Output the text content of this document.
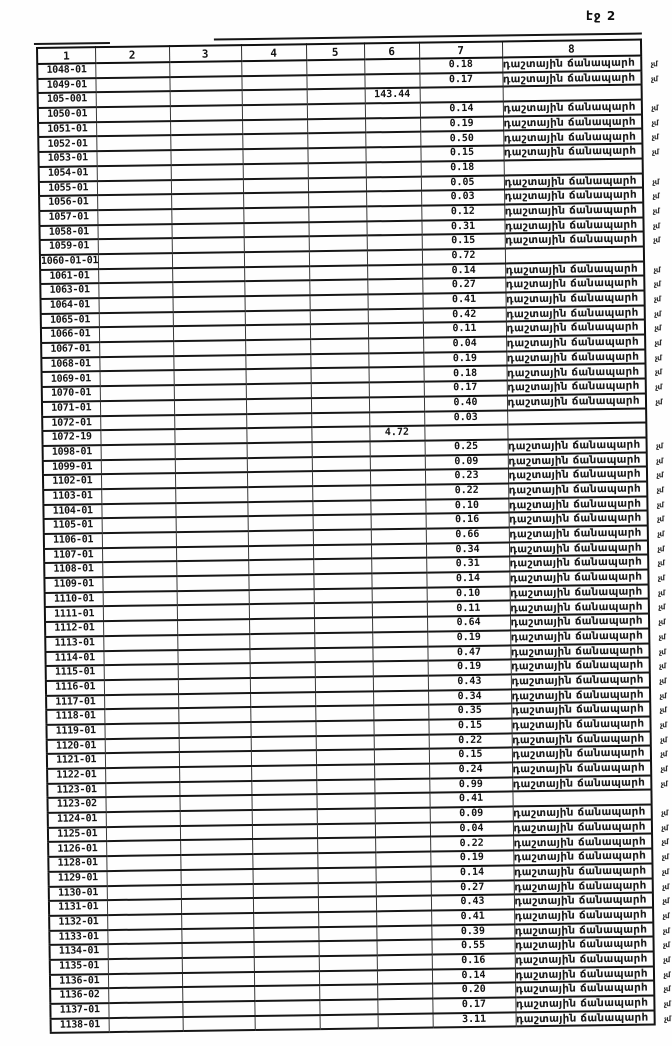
էջ 2
1	2	3	4	5	6	7	8
1048-01						0.18	դաշտային ճանապարհ չմ

1049-01						0.17	դաշտային ճանապարհ չմ

105-001					143.44		
1050-01						0.14	դաշտային ճանապարհ չմ

1051-01						0.19	դաշտային ճանապարհ չմ

1052-01						0.50	դաշտային ճանապարհ չմ

1053-01						0.15	դաշտային ճանապարհ չմ

1054-01						0.18	
1055-01						0.05	դաշտային ճանապարհ չմ

1056-01						0.03	դաշտային ճանապարհ չմ

1057-01						0.12	դաշտային ճանապարհ չմ

1058-01						0.31	դաշտային ճանապարհ չմ

1059-01						0.15	դաշտային ճանապարհ չմ

1060-01-01						0.72	
1061-01						0.14	դաշտային ճանապարհ չմ

1063-01						0.27	դաշտային ճանապարհ չմ

1064-01						0.41	դաշտային ճանապարհ չմ

1065-01						0.42	դաշտային ճանապարհ չմ

1066-01						0.11	դաշտային ճանապարհ չմ

1067-01						0.04	դաշտային ճանապարհ չմ

1068-01						0.19	դաշտային ճանապարհ չմ

1069-01						0.18	դաշտային ճանապարհ չմ

1070-01						0.17	դաշտային ճանապարհ չմ

1071-01						0.40	դաշտային ճանապարհ չմ

1072-01						0.03	
1072-19					4.72		
1098-01						0.25	դաշտային ճանապարհ չմ

1099-01						0.09	դաշտային ճանապարհ չմ

1102-01						0.23	դաշտային ճանապարհ չմ

1103-01						0.22	դաշտային ճանապարհ չմ

1104-01						0.10	դաշտային ճանապարհ չմ

1105-01						0.16	դաշտային ճանապարհ չմ

1106-01						0.66	դաշտային ճանապարհ չմ

1107-01						0.34	դաշտային ճանապարհ չմ

1108-01						0.31	դաշտային ճանապարհ չմ

1109-01						0.14	դաշտային ճանապարհ չմ

1110-01						0.10	դաշտային ճանապարհ չմ

1111-01						0.11	դաշտային ճանապարհ չմ

1112-01						0.64	դաշտային ճանապարհ չմ

1113-01						0.19	դաշտային ճանապարհ չմ

1114-01						0.47	դաշտային ճանապարհ չմ

1115-01						0.19	դաշտային ճանապարհ չմ

1116-01						0.43	դաշտային ճանապարհ չմ

1117-01						0.34	դաշտային ճանապարհ չմ

1118-01						0.35	դաշտային ճանապարհ չմ

1119-01						0.15	դաշտային ճանապարհ չմ

1120-01						0.22	դաշտային ճանապարհ չմ

1121-01						0.15	դաշտային ճանապարհ չմ

1122-01						0.24	դաշտային ճանապարհ չմ

1123-01						0.99	դաշտային ճանապարհ չմ

1123-02						0.41	
1124-01						0.09	դաշտային ճանապարհ չմ

1125-01						0.04	դաշտային ճանապարհ չմ

1126-01						0.22	դաշտային ճանապարհ չմ

1128-01						0.19	դաշտային ճանապարհ չմ

1129-01						0.14	դաշտային ճանապարհ չմ

1130-01						0.27	դաշտային ճանապարհ չմ

1131-01						0.43	դաշտային ճանապարհ չմ

1132-01						0.41	դաշտային ճանապարհ չմ

1133-01						0.39	դաշտային ճանապարհ չմ

1134-01						0.55	դաշտային ճանապարհ չմ

1135-01						0.16	դաշտային ճանապարհ չմ

1136-01						0.14	դաշտային ճանապարհ չմ

1136-02						0.20	դաշտային ճանապարհ չմ

1137-01						0.17	դաշտային ճանապարհ չմ

1138-01						3.11	դաշտային ճանապարհ չմ
